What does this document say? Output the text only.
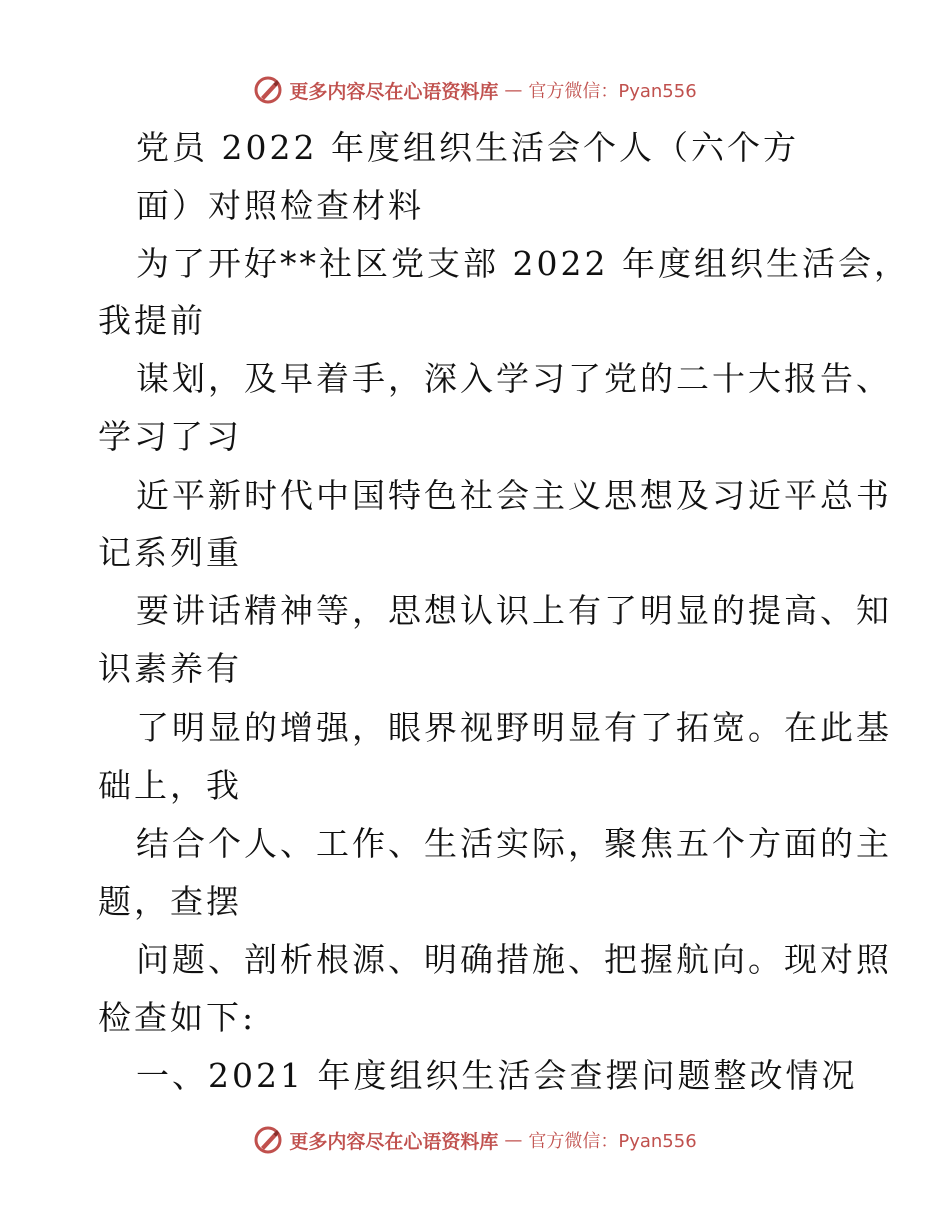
更多内容尽在心语资料库 — 官方微信：Pyan556
党员 2022 年度组织生活会个人（六个方
面）对照检查材料
为了开好**社区党支部 2022 年度组织生活会，
我提前
谋划，及早着手，深入学习了党的二十大报告、
学习了习
近平新时代中国特色社会主义思想及习近平总书
记系列重
要讲话精神等，思想认识上有了明显的提高、知
识素养有
了明显的增强，眼界视野明显有了拓宽。在此基
础上，我
结合个人、工作、生活实际，聚焦五个方面的主
题，查摆
问题、剖析根源、明确措施、把握航向。现对照
检查如下:
一、2021 年度组织生活会查摆问题整改情况
更多内容尽在心语资料库 — 官方微信：Pyan556
